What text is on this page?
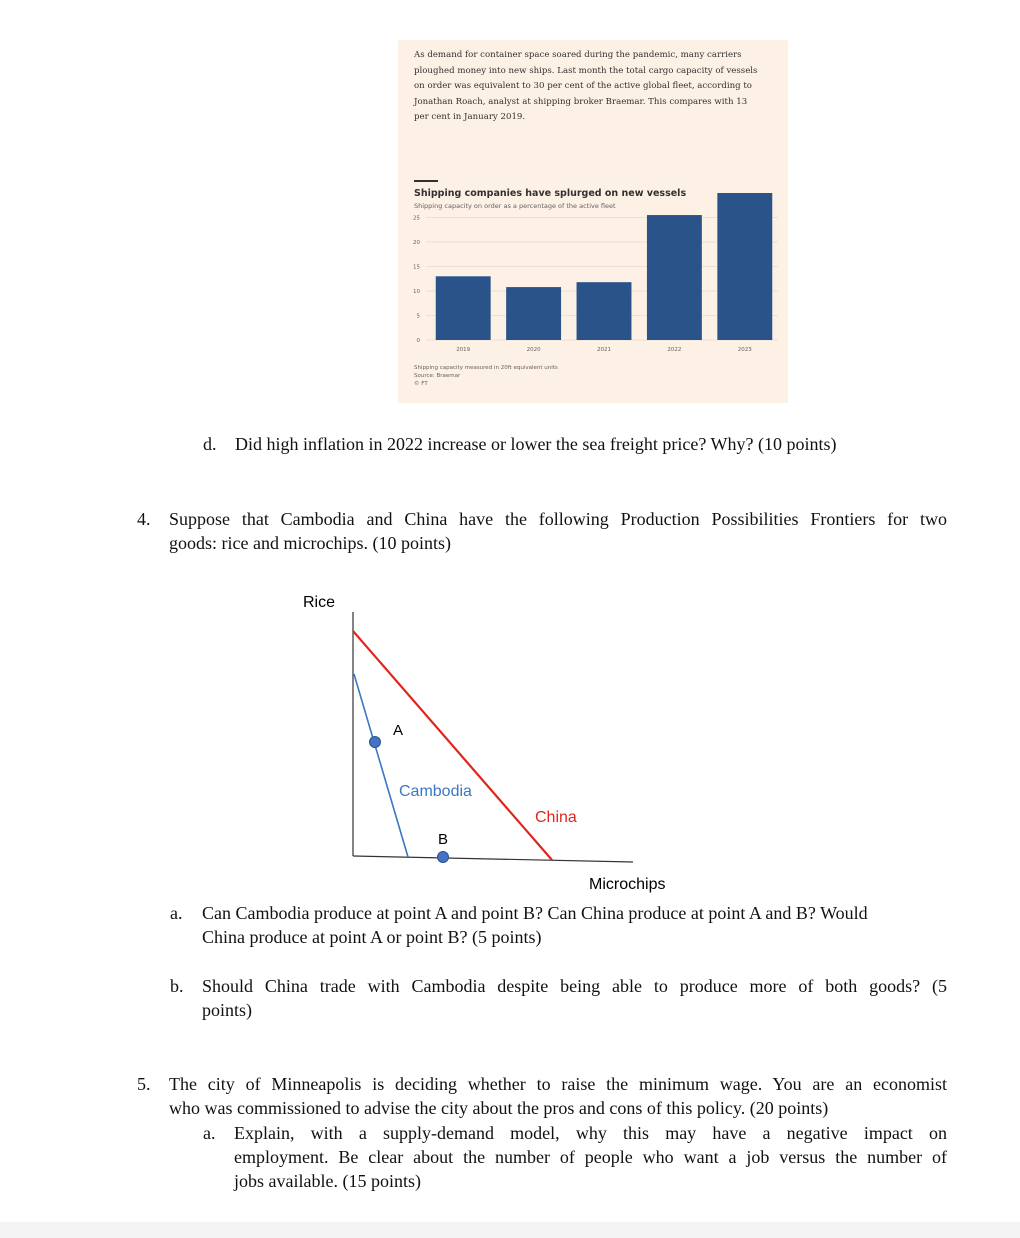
As demand for container space soared during the pandemic, many carriers ploughed money into new ships. Last month the total cargo capacity of vessels on order was equivalent to 30 per cent of the active global fleet, according to Jonathan Roach, analyst at shipping broker Braemar. This compares with 13 per cent in January 2019.
Shipping companies have splurged on new vessels
Shipping capacity on order as a percentage of the active fleet
0
5
10
15
20
25
2019	2020	2021	2022	2023
Shipping capacity measured in 20ft equivalent units
Source: Braemar
© FT
d. Did high inflation in 2022 increase or lower the sea freight price? Why? (10 points)
4. Suppose that Cambodia and China have the following Production Possibilities Frontiers for two
goods: rice and microchips. (10 points)
Rice
A
Cambodia
China
B
Microchips
a. Can Cambodia produce at point A and point B? Can China produce at point A and B? Would
China produce at point A or point B? (5 points)
b. Should China trade with Cambodia despite being able to produce more of both goods? (5
points)
5. The city of Minneapolis is deciding whether to raise the minimum wage. You are an economist
who was commissioned to advise the city about the pros and cons of this policy. (20 points)
a. Explain, with a supply-demand model, why this may have a negative impact on
employment. Be clear about the number of people who want a job versus the number of
jobs available. (15 points)
